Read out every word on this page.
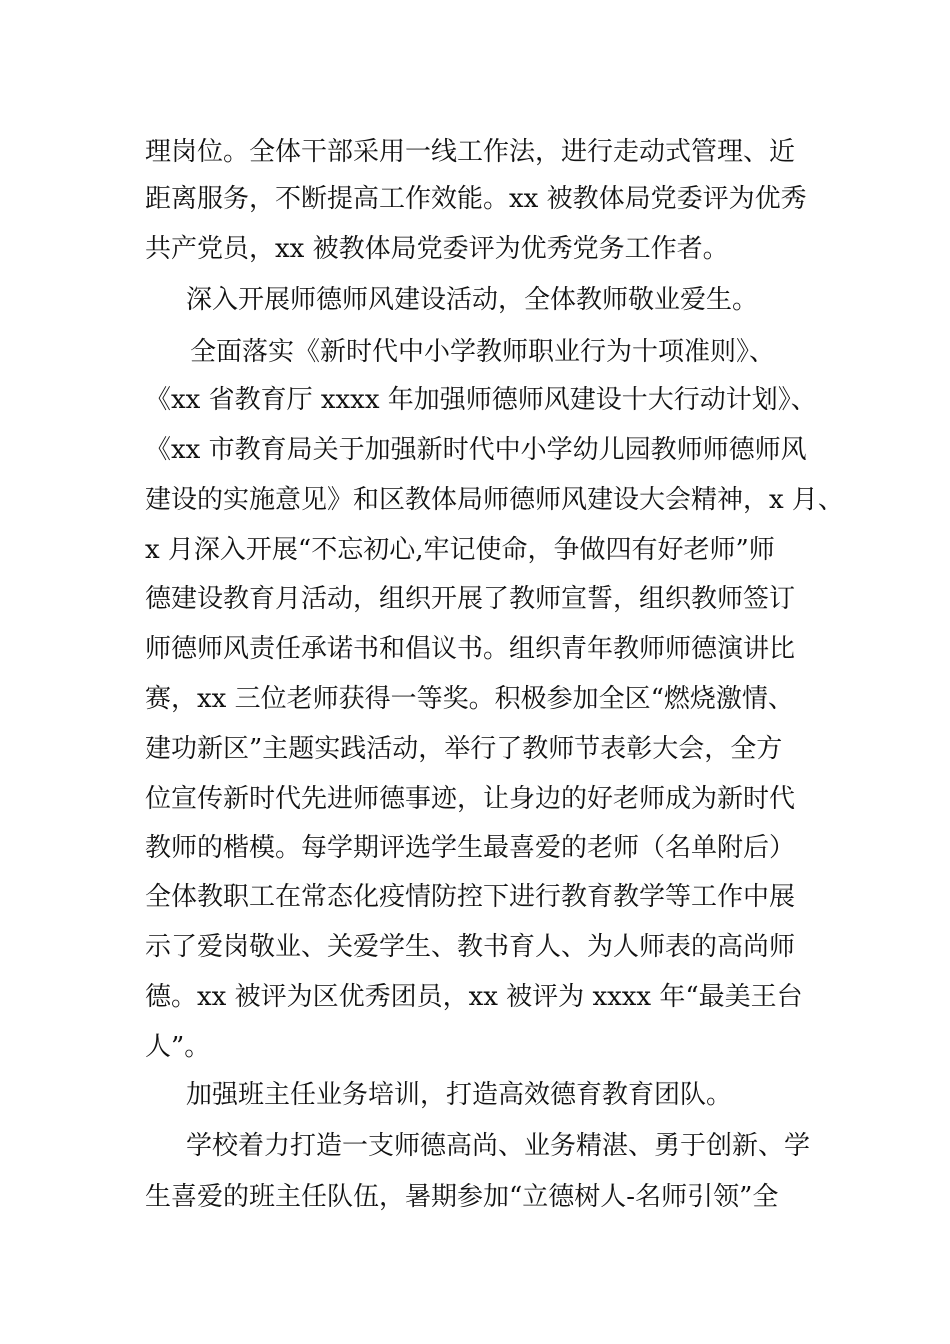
理岗位。全体干部采用一线工作法，进行走动式管理、近
距离服务，不断提高工作效能。xx 被教体局党委评为优秀
共产党员，xx 被教体局党委评为优秀党务工作者。
深入开展师德师风建设活动，全体教师敬业爱生。
全面落实《新时代中小学教师职业行为十项准则》、
《xx 省教育厅 xxxx 年加强师德师风建设十大行动计划》、
《xx 市教育局关于加强新时代中小学幼儿园教师师德师风
建设的实施意见》和区教体局师德师风建设大会精神，x 月、
x 月深入开展“不忘初心,牢记使命，争做四有好老师”师
德建设教育月活动，组织开展了教师宣誓，组织教师签订
师德师风责任承诺书和倡议书。组织青年教师师德演讲比
赛，xx 三位老师获得一等奖。积极参加全区“燃烧激情、
建功新区”主题实践活动，举行了教师节表彰大会，全方
位宣传新时代先进师德事迹，让身边的好老师成为新时代
教师的楷模。每学期评选学生最喜爱的老师（名单附后）
全体教职工在常态化疫情防控下进行教育教学等工作中展
示了爱岗敬业、关爱学生、教书育人、为人师表的高尚师
德。xx 被评为区优秀团员，xx 被评为 xxxx 年“最美王台
人”。
加强班主任业务培训，打造高效德育教育团队。
学校着力打造一支师德高尚、业务精湛、勇于创新、学
生喜爱的班主任队伍，暑期参加“立德树人-名师引领”全
